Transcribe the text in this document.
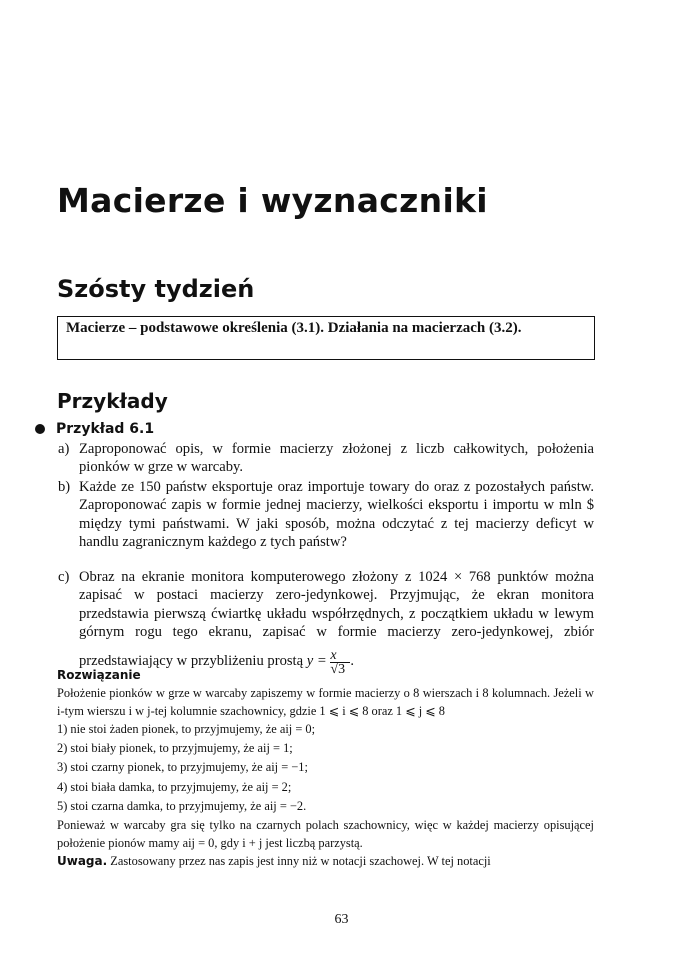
Macierze i wyznaczniki
Szósty tydzień
Macierze – podstawowe określenia (3.1). Działania na macierzach (3.2).
Przykłady
Przykład 6.1
a) Zaproponować opis, w formie macierzy złożonej z liczb całkowitych, położenia pionków w grze w warcaby.
b) Każde ze 150 państw eksportuje oraz importuje towary do oraz z pozostałych państw. Zaproponować zapis w formie jednej macierzy, wielkości eksportu i importu w mln $ między tymi państwami. W jaki sposób, można odczytać z tej macierzy deficyt w handlu zagranicznym każdego z tych państw?
c) Obraz na ekranie monitora komputerowego złożony z 1024 × 768 punktów można zapisać w postaci macierzy zero-jedynkowej. Przyjmując, że ekran monitora przedstawia pierwszą ćwiartkę układu współrzędnych, z początkiem układu w lewym górnym rogu tego ekranu, zapisać w formie macierzy zero-jedynkowej, zbiór przedstawiający w przybliżeniu prostą $y = \frac{x}{√3}$ .
Rozwiązanie
Położenie pionków w grze w warcaby zapiszemy w formie macierzy o 8 wierszach i 8 kolumnach. Jeżeli w i-tym wierszu i w j-tej kolumnie szachownicy, gdzie 1 ⩽ i ⩽ 8 oraz 1 ⩽ j ⩽ 8
1) nie stoi żaden pionek, to przyjmujemy, że aij = 0;
2) stoi biały pionek, to przyjmujemy, że aij = 1;
3) stoi czarny pionek, to przyjmujemy, że aij = −1;
4) stoi biała damka, to przyjmujemy, że aij = 2;
5) stoi czarna damka, to przyjmujemy, że aij = −2.
Ponieważ w warcaby gra się tylko na czarnych polach szachownicy, więc w każdej macierzy opisującej położenie pionów mamy aij = 0, gdy i + j jest liczbą parzystą.
Uwaga. Zastosowany przez nas zapis jest inny niż w notacji szachowej. W tej notacji
63
